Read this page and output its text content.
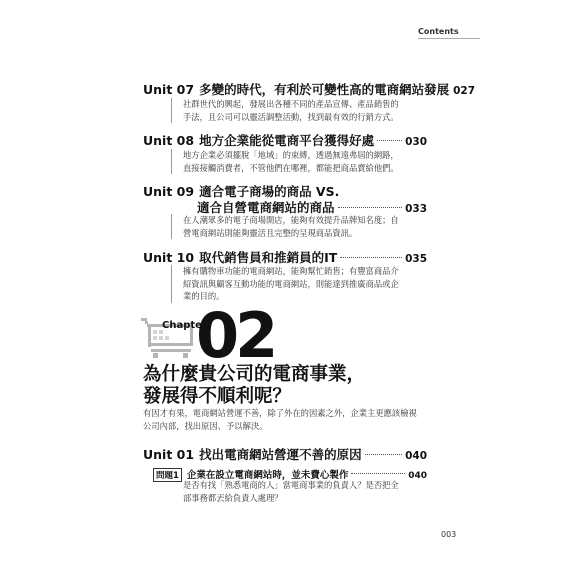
Contents
Unit 07 多變的時代，有利於可變性高的電商網站發展 027
社群世代的興起，發展出各種不同的產品宣傳、產品銷售的
手法，且公司可以靈活調整活動，找到最有效的行銷方式。
Unit 08 地方企業能從電商平台獲得好處	030
地方企業必須擺脫「地域」的束縛，透過無遠弗屆的網路，
直接接觸消費者，不管他們在哪裡，都能把商品賣給他們。
Unit 09 適合電子商場的商品 VS.
適合自營電商網站的商品	033
在人潮眾多的電子商場開店，能夠有效提升品牌知名度；自
營電商網站則能夠靈活且完整的呈現商品資訊。
Unit 10 取代銷售員和推銷員的IT	035
擁有購物車功能的電商網站，能夠幫忙銷售；有豐富商品介
紹資訊與顧客互動功能的電商網站，則能達到推廣商品或企
業的目的。
Chapter
02
為什麼貴公司的電商事業，
發展得不順利呢？
有因才有果，電商網站營運不善，除了外在的因素之外，企業主更應該檢視
公司內部，找出原因、予以解決。
Unit 01 找出電商網站營運不善的原因	040
問題1 企業在設立電商網站時，並未費心製作	040
是否有找「熟悉電商的人」當電商事業的負責人？是否把全
部事務都丟給負責人處理？
003
